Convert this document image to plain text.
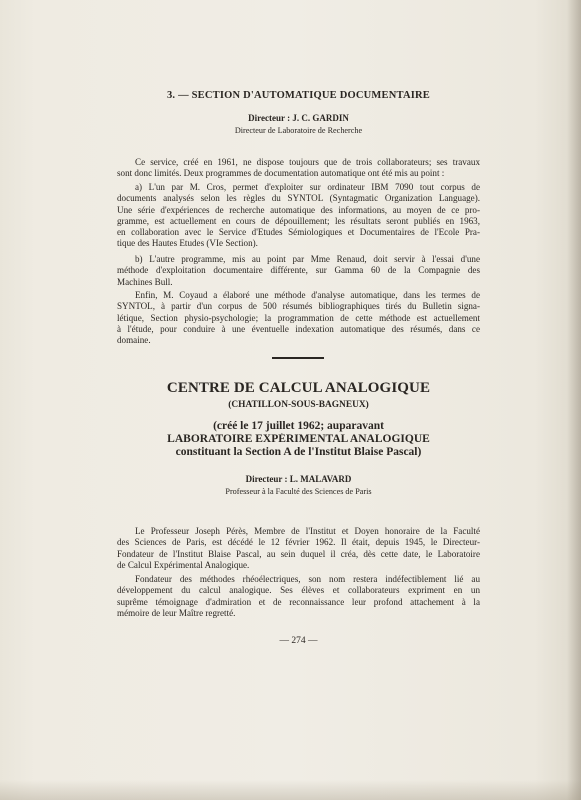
3. — SECTION D'AUTOMATIQUE DOCUMENTAIRE
Directeur : J. C. GARDIN
Directeur de Laboratoire de Recherche
Ce service, créé en 1961, ne dispose toujours que de trois collaborateurs; ses travaux
sont donc limités. Deux programmes de documentation automatique ont été mis au point :
a) L'un par M. Cros, permet d'exploiter sur ordinateur IBM 7090 tout corpus de
documents analysés selon les règles du SYNTOL (Syntagmatic Organization Language).
Une série d'expériences de recherche automatique des informations, au moyen de ce pro-
gramme, est actuellement en cours de dépouillement; les résultats seront publiés en 1963,
en collaboration avec le Service d'Etudes Sémiologiques et Documentaires de l'Ecole Pra-
tique des Hautes Etudes (VIe Section).
b) L'autre programme, mis au point par Mme Renaud, doit servir à l'essai d'une
méthode d'exploitation documentaire différente, sur Gamma 60 de la Compagnie des
Machines Bull.
Enfin, M. Coyaud a élaboré une méthode d'analyse automatique, dans les termes de
SYNTOL, à partir d'un corpus de 500 résumés bibliographiques tirés du Bulletin signa-
létique, Section physio-psychologie; la programmation de cette méthode est actuellement
à l'étude, pour conduire à une éventuelle indexation automatique des résumés, dans ce
domaine.
CENTRE DE CALCUL ANALOGIQUE
(CHATILLON-SOUS-BAGNEUX)
(créé le 17 juillet 1962; auparavant
LABORATOIRE EXPÉRIMENTAL ANALOGIQUE
constituant la Section A de l'Institut Blaise Pascal)
Directeur : L. MALAVARD
Professeur à la Faculté des Sciences de Paris
Le Professeur Joseph Pérès, Membre de l'Institut et Doyen honoraire de la Faculté
des Sciences de Paris, est décédé le 12 février 1962. Il était, depuis 1945, le Directeur-
Fondateur de l'Institut Blaise Pascal, au sein duquel il créa, dès cette date, le Laboratoire
de Calcul Expérimental Analogique.
Fondateur des méthodes rhéoélectriques, son nom restera indéfectiblement lié au
développement du calcul analogique. Ses élèves et collaborateurs expriment en un
suprême témoignage d'admiration et de reconnaissance leur profond attachement à la
mémoire de leur Maître regretté.
— 274 —
